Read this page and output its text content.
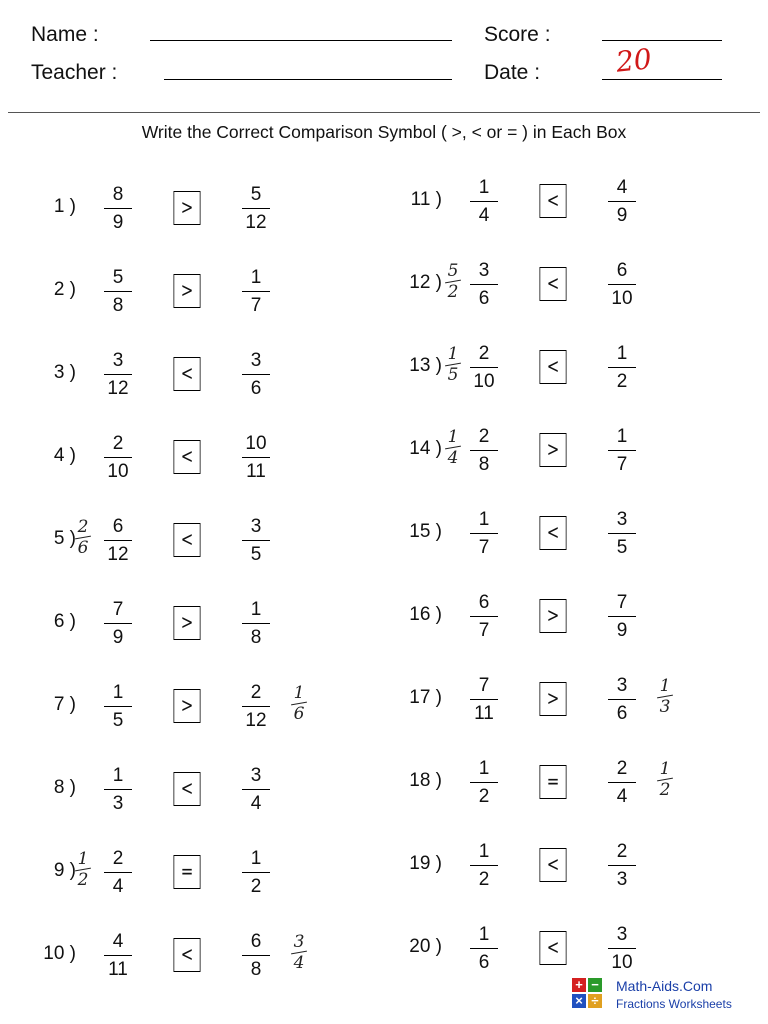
Name :
Teacher :
Score :
20
Date :
Write the Correct Comparison Symbol ( >, < or = ) in Each Box
1 )
8
9
>
5
12
2 )
5
8
>
1
7
3 )
3
12
<
3
6
4 )
2
10
<
10
11
5 )
6
12
<
3
5
6 )
7
9
>
1
8
7 )
1
5
>
2
12
8 )
1
3
<
3
4
9 )
2
4
=
1
2
10 )
4
11
<
6
8
11 )
1
4
<
4
9
12 )
3
6
<
6
10
13 )
2
10
<
1
2
14 )
2
8
>
1
7
15 )
1
7
<
3
5
16 )
6
7
>
7
9
17 )
7
11
>
3
6
18 )
1
2
=
2
4
19 )
1
2
<
2
3
20 )
1
6
<
3
10
2
6
1
6
1
2
3
4
5
2
1
5
1
4
1
3
1
2
+ −
× ÷
Math-Aids.Com
Fractions Worksheets
